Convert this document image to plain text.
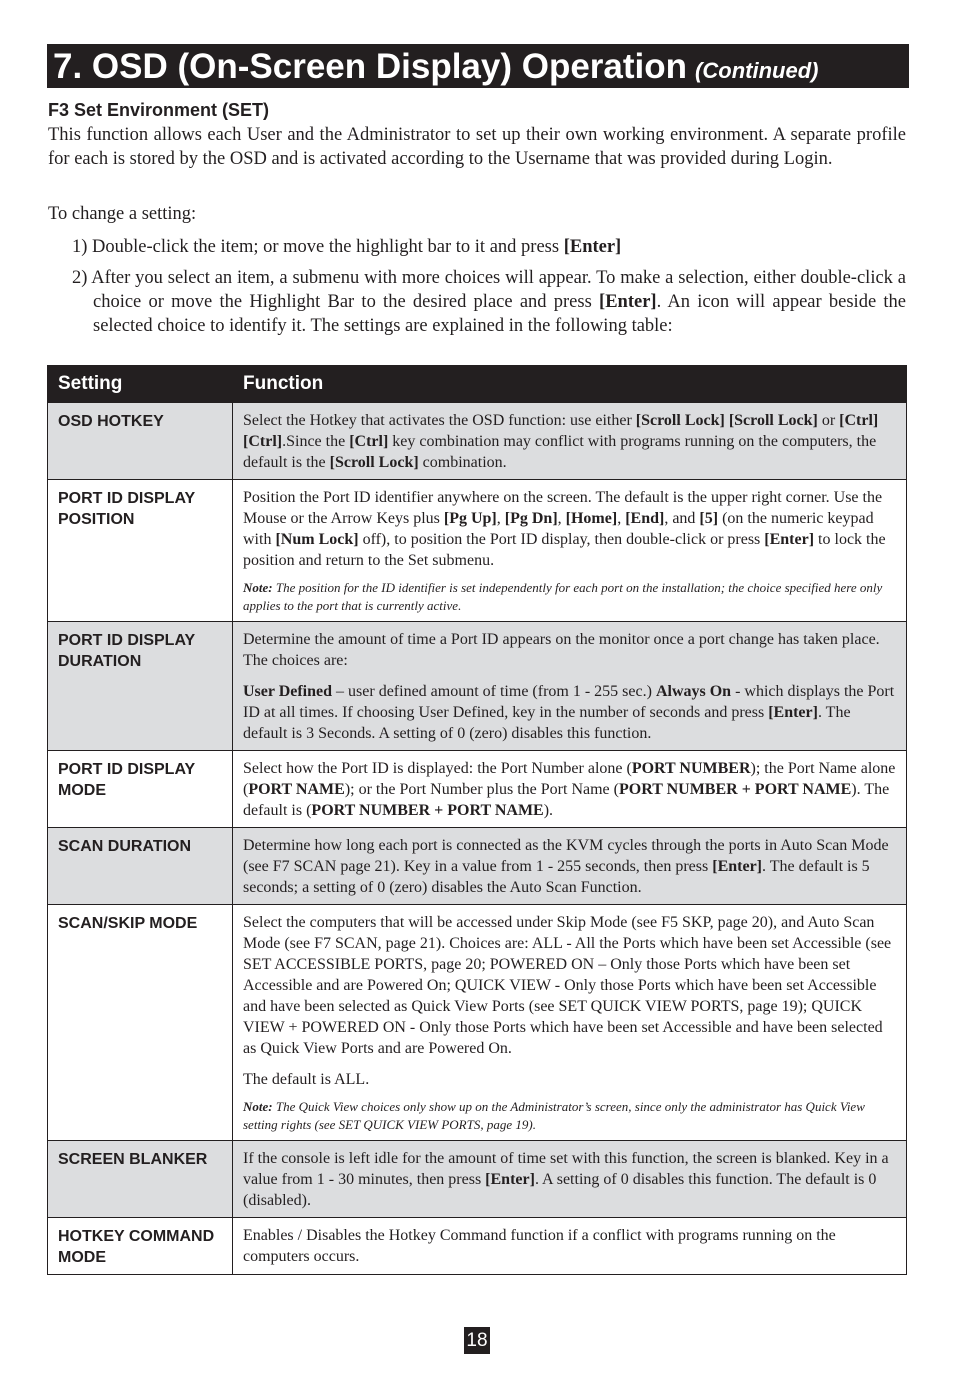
7. OSD (On-Screen Display) Operation (Continued)
F3 Set Environment (SET)

This function allows each User and the Administrator to set up their own working environment. A separate profile for each is stored by the OSD and is activated according to the Username that was provided during Login.

To change a setting:

1) Double-click the item; or move the highlight bar to it and press [Enter]
2) After you select an item, a submenu with more choices will appear. To make a selection, either double-click a choice or move the Highlight Bar to the desired place and press [Enter]. An icon will appear beside the selected choice to identify it. The settings are explained in the following table:
Setting	Function
OSD HOTKEY	Select the Hotkey that activates the OSD function: use either [Scroll Lock] [Scroll Lock] or [Ctrl] [Ctrl].Since the [Ctrl] key combination may conflict with programs running on the computers, the default is the [Scroll Lock] combination.

PORT ID DISPLAY POSITION	Position the Port ID identifier anywhere on the screen. The default is the upper right corner. Use the Mouse or the Arrow Keys plus [Pg Up], [Pg Dn], [Home], [End], and [5] (on the numeric keypad with [Num Lock] off), to position the Port ID display, then double-click or press [Enter] to lock the position and return to the Set submenu.

Note: The position for the ID identifier is set independently for each port on the installation; the choice specified here only applies to the port that is currently active.

PORT ID DISPLAY DURATION	Determine the amount of time a Port ID appears on the monitor once a port change has taken place. The choices are:

User Defined – user defined amount of time (from 1 - 255 sec.) Always On - which displays the Port ID at all times. If choosing User Defined, key in the number of seconds and press [Enter]. The default is 3 Seconds. A setting of 0 (zero) disables this function.

PORT ID DISPLAY MODE	Select how the Port ID is displayed: the Port Number alone (PORT NUMBER); the Port Name alone (PORT NAME); or the Port Number plus the Port Name (PORT NUMBER + PORT NAME). The default is (PORT NUMBER + PORT NAME).

SCAN DURATION	Determine how long each port is connected as the KVM cycles through the ports in Auto Scan Mode (see F7 SCAN page 21). Key in a value from 1 - 255 seconds, then press [Enter]. The default is 5 seconds; a setting of 0 (zero) disables the Auto Scan Function.

SCAN/SKIP MODE	Select the computers that will be accessed under Skip Mode (see F5 SKP, page 20), and Auto Scan Mode (see F7 SCAN, page 21). Choices are: ALL - All the Ports which have been set Accessible (see SET ACCESSIBLE PORTS, page 20; POWERED ON – Only those Ports which have been set Accessible and are Powered On; QUICK VIEW - Only those Ports which have been set Accessible and have been selected as Quick View Ports (see SET QUICK VIEW PORTS, page 19); QUICK VIEW + POWERED ON - Only those Ports which have been set Accessible and have been selected as Quick View Ports and are Powered On.

The default is ALL.

Note: The Quick View choices only show up on the Administrator’s screen, since only the administrator has Quick View setting rights (see SET QUICK VIEW PORTS, page 19).

SCREEN BLANKER	If the console is left idle for the amount of time set with this function, the screen is blanked. Key in a value from 1 - 30 minutes, then press [Enter]. A setting of 0 disables this function. The default is 0 (disabled).

HOTKEY COMMAND MODE	Enables / Disables the Hotkey Command function if a conflict with programs running on the computers occurs.

18
